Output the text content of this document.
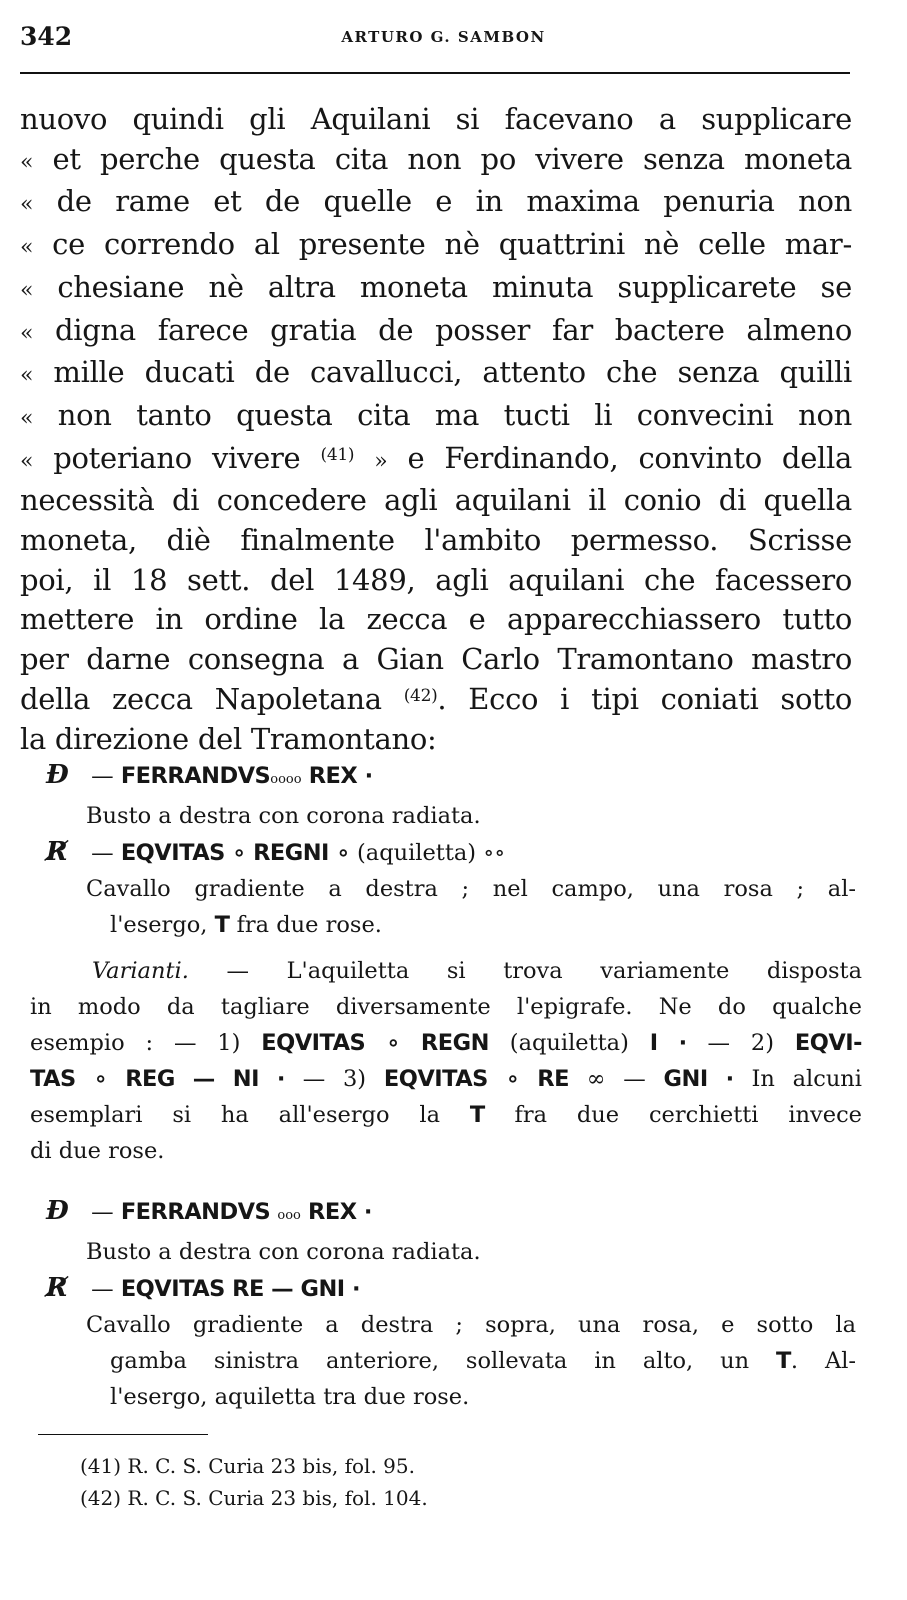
342	ARTURO G. SAMBON
nuovo quindi gli Aquilani si facevano a supplicare
« et perche questa cita non po vivere senza moneta
« de rame et de quelle e in maxima penuria non
« ce correndo al presente nè quattrini nè celle mar-
« chesiane nè altra moneta minuta supplicarete se
« digna farece gratia de posser far bactere almeno
« mille ducati de cavallucci, attento che senza quilli
« non tanto questa cita ma tucti li convecini non
« poteriano vivere $^{(41)}$ » e Ferdinando, convinto della
necessità di concedere agli aquilani il conio di quella
moneta, diè finalmente l'ambito permesso. Scrisse
poi, il 18 sett. del 1489, agli aquilani che facessero
mettere in ordine la zecca e apparecchiassero tutto
per darne consegna a Gian Carlo Tramontano mastro
della zecca Napoletana $^{(42)}$. Ecco i tipi coniati sotto
la direzione del Tramontano:
Đ — FERRANDVSoooo REX ·
Busto a destra con corona radiata.
R̸ — EQVITAS ∘ REGNI ∘ (aquiletta) ∘∘
Cavallo gradiente a destra ; nel campo, una rosa ; al-
l'esergo, T fra due rose.
Varianti. — L'aquiletta si trova variamente disposta
in modo da tagliare diversamente l'epigrafe. Ne do qualche
esempio : — 1) EQVITAS ∘ REGN (aquiletta) I · — 2) EQVI-
TAS ∘ REG — NI · — 3) EQVITAS ∘ RE ∞ — GNI · In alcuni
esemplari si ha all'esergo la T fra due cerchietti invece
di due rose.
Đ — FERRANDVS ooo REX ·
Busto a destra con corona radiata.
R̸ — EQVITAS RE — GNI ·
Cavallo gradiente a destra ; sopra, una rosa, e sotto la
gamba sinistra anteriore, sollevata in alto, un T. Al-
l'esergo, aquiletta tra due rose.
(41) R. C. S. Curia 23 bis, fol. 95.
(42) R. C. S. Curia 23 bis, fol. 104.
